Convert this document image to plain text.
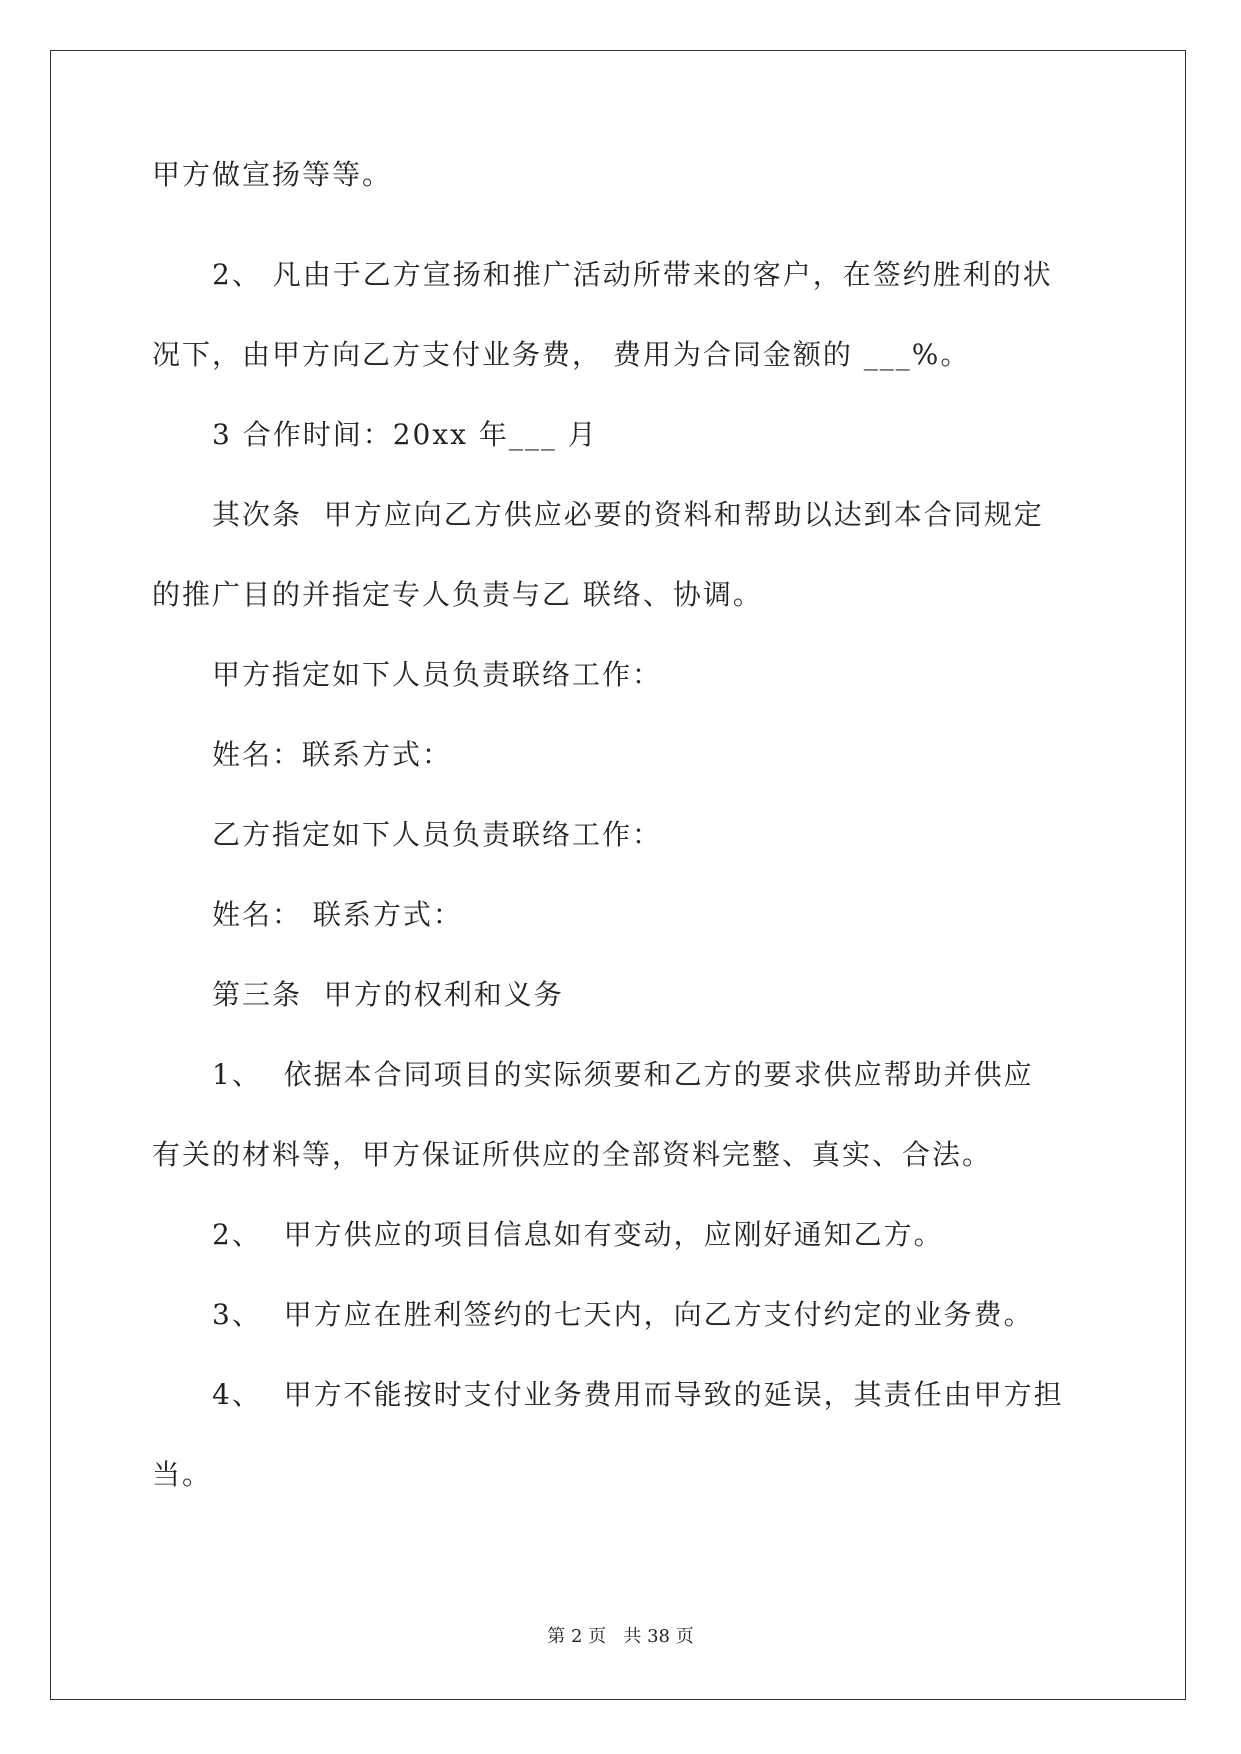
甲方做宣扬等等。
2、 凡由于乙方宣扬和推广活动所带来的客户，在签约胜利的状
况下，由甲方向乙方支付业务费， 费用为合同金额的 ___%。
3 合作时间：20xx 年___ 月
其次条  甲方应向乙方供应必要的资料和帮助以达到本合同规定
的推广目的并指定专人负责与乙 联络、协调。
甲方指定如下人员负责联络工作：
姓名：联系方式：
乙方指定如下人员负责联络工作：
姓名： 联系方式：
第三条  甲方的权利和义务
1、  依据本合同项目的实际须要和乙方的要求供应帮助并供应
有关的材料等，甲方保证所供应的全部资料完整、真实、合法。
2、  甲方供应的项目信息如有变动，应刚好通知乙方。
3、  甲方应在胜利签约的七天内，向乙方支付约定的业务费。
4、  甲方不能按时支付业务费用而导致的延误，其责任由甲方担
当。
第 2 页   共 38 页
